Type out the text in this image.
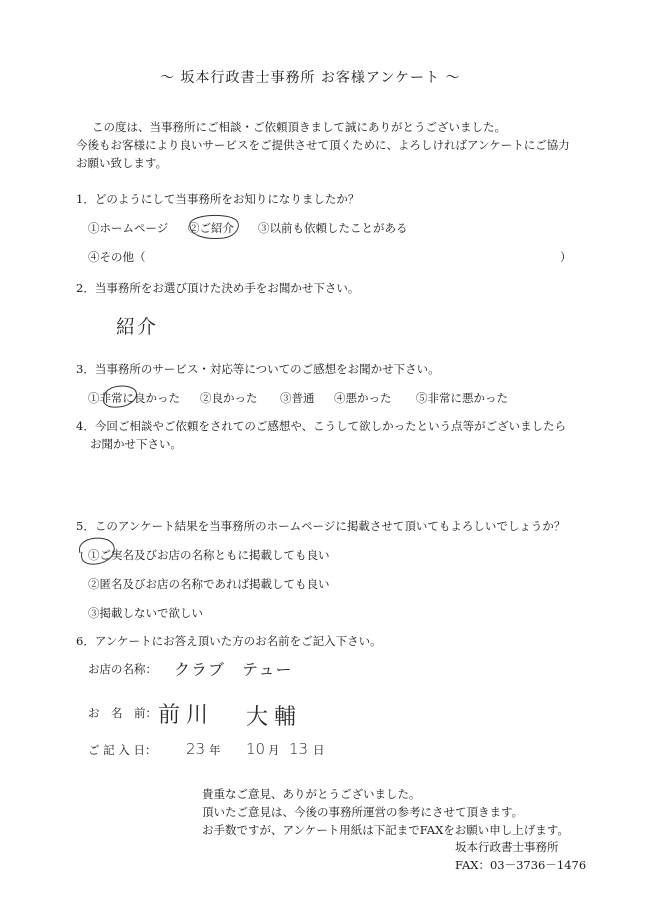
～ 坂本行政書士事務所 お客様アンケート ～
この度は、当事務所にご相談・ご依頼頂きまして誠にありがとうございました。
今後もお客様により良いサービスをご提供させて頂くために、よろしければアンケートにご協力
お願い致します。
1．どのようにして当事務所をお知りになりましたか？
①ホームページ ②ご紹介 ③以前も依頼したことがある
④その他（	）
2．当事務所をお選び頂けた決め手をお聞かせ下さい。
紹介
3．当事務所のサービス・対応等についてのご感想をお聞かせ下さい。
①非常に良かった ②良かった ③普通 ④悪かった ⑤非常に悪かった
4．今回ご相談やご依頼をされてのご感想や、こうして欲しかったという点等がございましたら
お聞かせ下さい。
5．このアンケート結果を当事務所のホームページに掲載させて頂いてもよろしいでしょうか？
①ご実名及びお店の名称ともに掲載しても良い
②匿名及びお店の名称であれば掲載しても良い
③掲載しないで欲しい
6．アンケートにお答え頂いた方のお名前をご記入下さい。
お店の名称： クラブ　テュー
お　名　前： 前川 大輔
ご 記 入 日： 23 年 10 月 13 日
貴重なご意見、ありがとうございました。
頂いたご意見は、今後の事務所運営の参考にさせて頂きます。
お手数ですが、アンケート用紙は下記までFAXをお願い申し上げます。
坂本行政書士事務所
FAX：03－3736－1476
